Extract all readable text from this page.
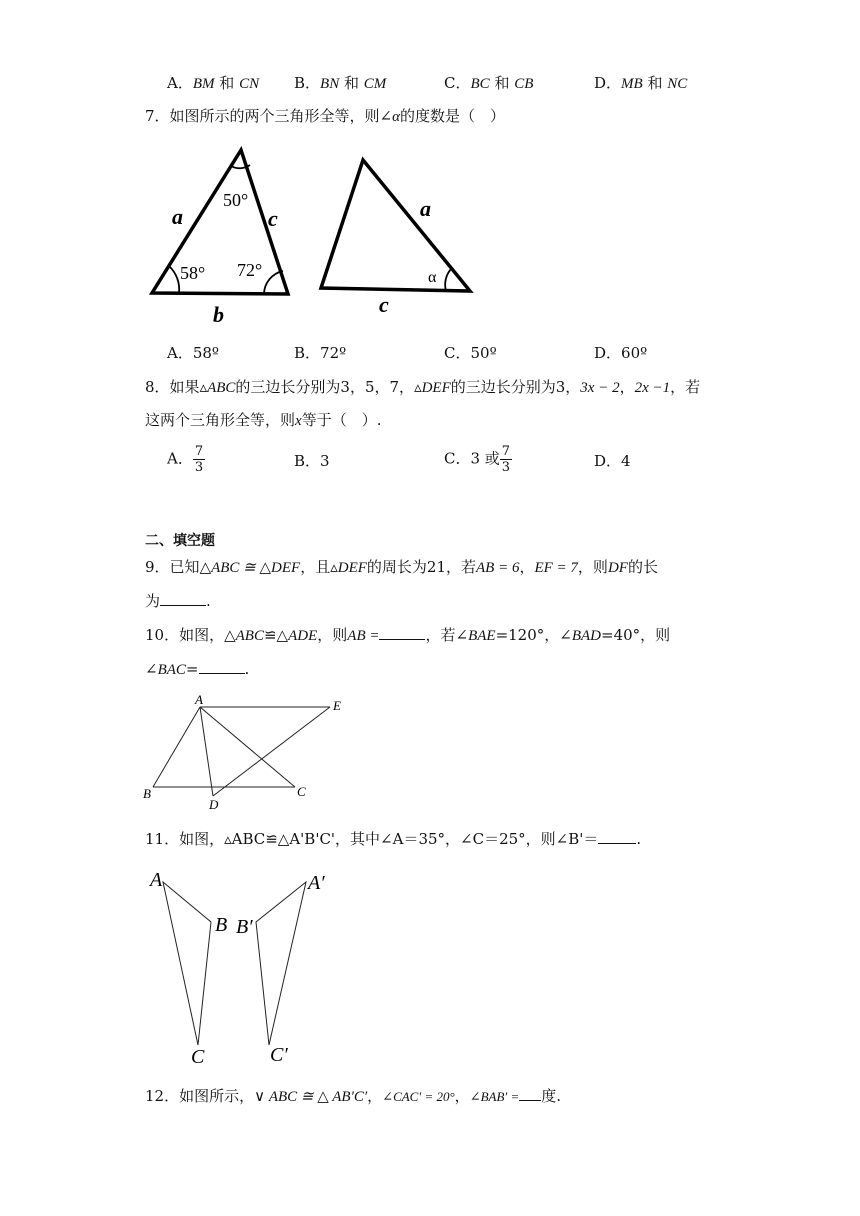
A．BM 和 CN B．BN 和 CM	C．BC 和 CB	D．MB 和 NC
7．如图所示的两个三角形全等，则∠α的度数是（　）
a	c
b
50°
58° 72°
a
c
α
A．58º	B．72º	C．50º	D．60º
8．如果▵ABC的三边长分别为3，5，7，▵DEF的三边长分别为3，3x − 2，2x −1，若
这两个三角形全等，则x等于（　）.
A． $\frac{7}{3}$	B．3	C．3 或 $\frac{7}{3}$	D．4
二、填空题
9．已知△ABC ≅ △DEF，且▵DEF的周长为21，若AB = 6，EF = 7，则DF的长
为	.
10．如图，△ABC≌△ADE，则AB =	，若∠BAE=120°，∠BAD=40°，则
∠BAC=	.
A	E
B	C
D
11．如图，▵ABC≌△A'B'C'，其中∠A＝35°，∠C＝25°，则∠B'＝	.
A
B
C
A′
B′
C′
12．如图所示，∨ ABC ≅ △ AB′C′，∠CAC′ = 20°，∠BAB′ = 度.
